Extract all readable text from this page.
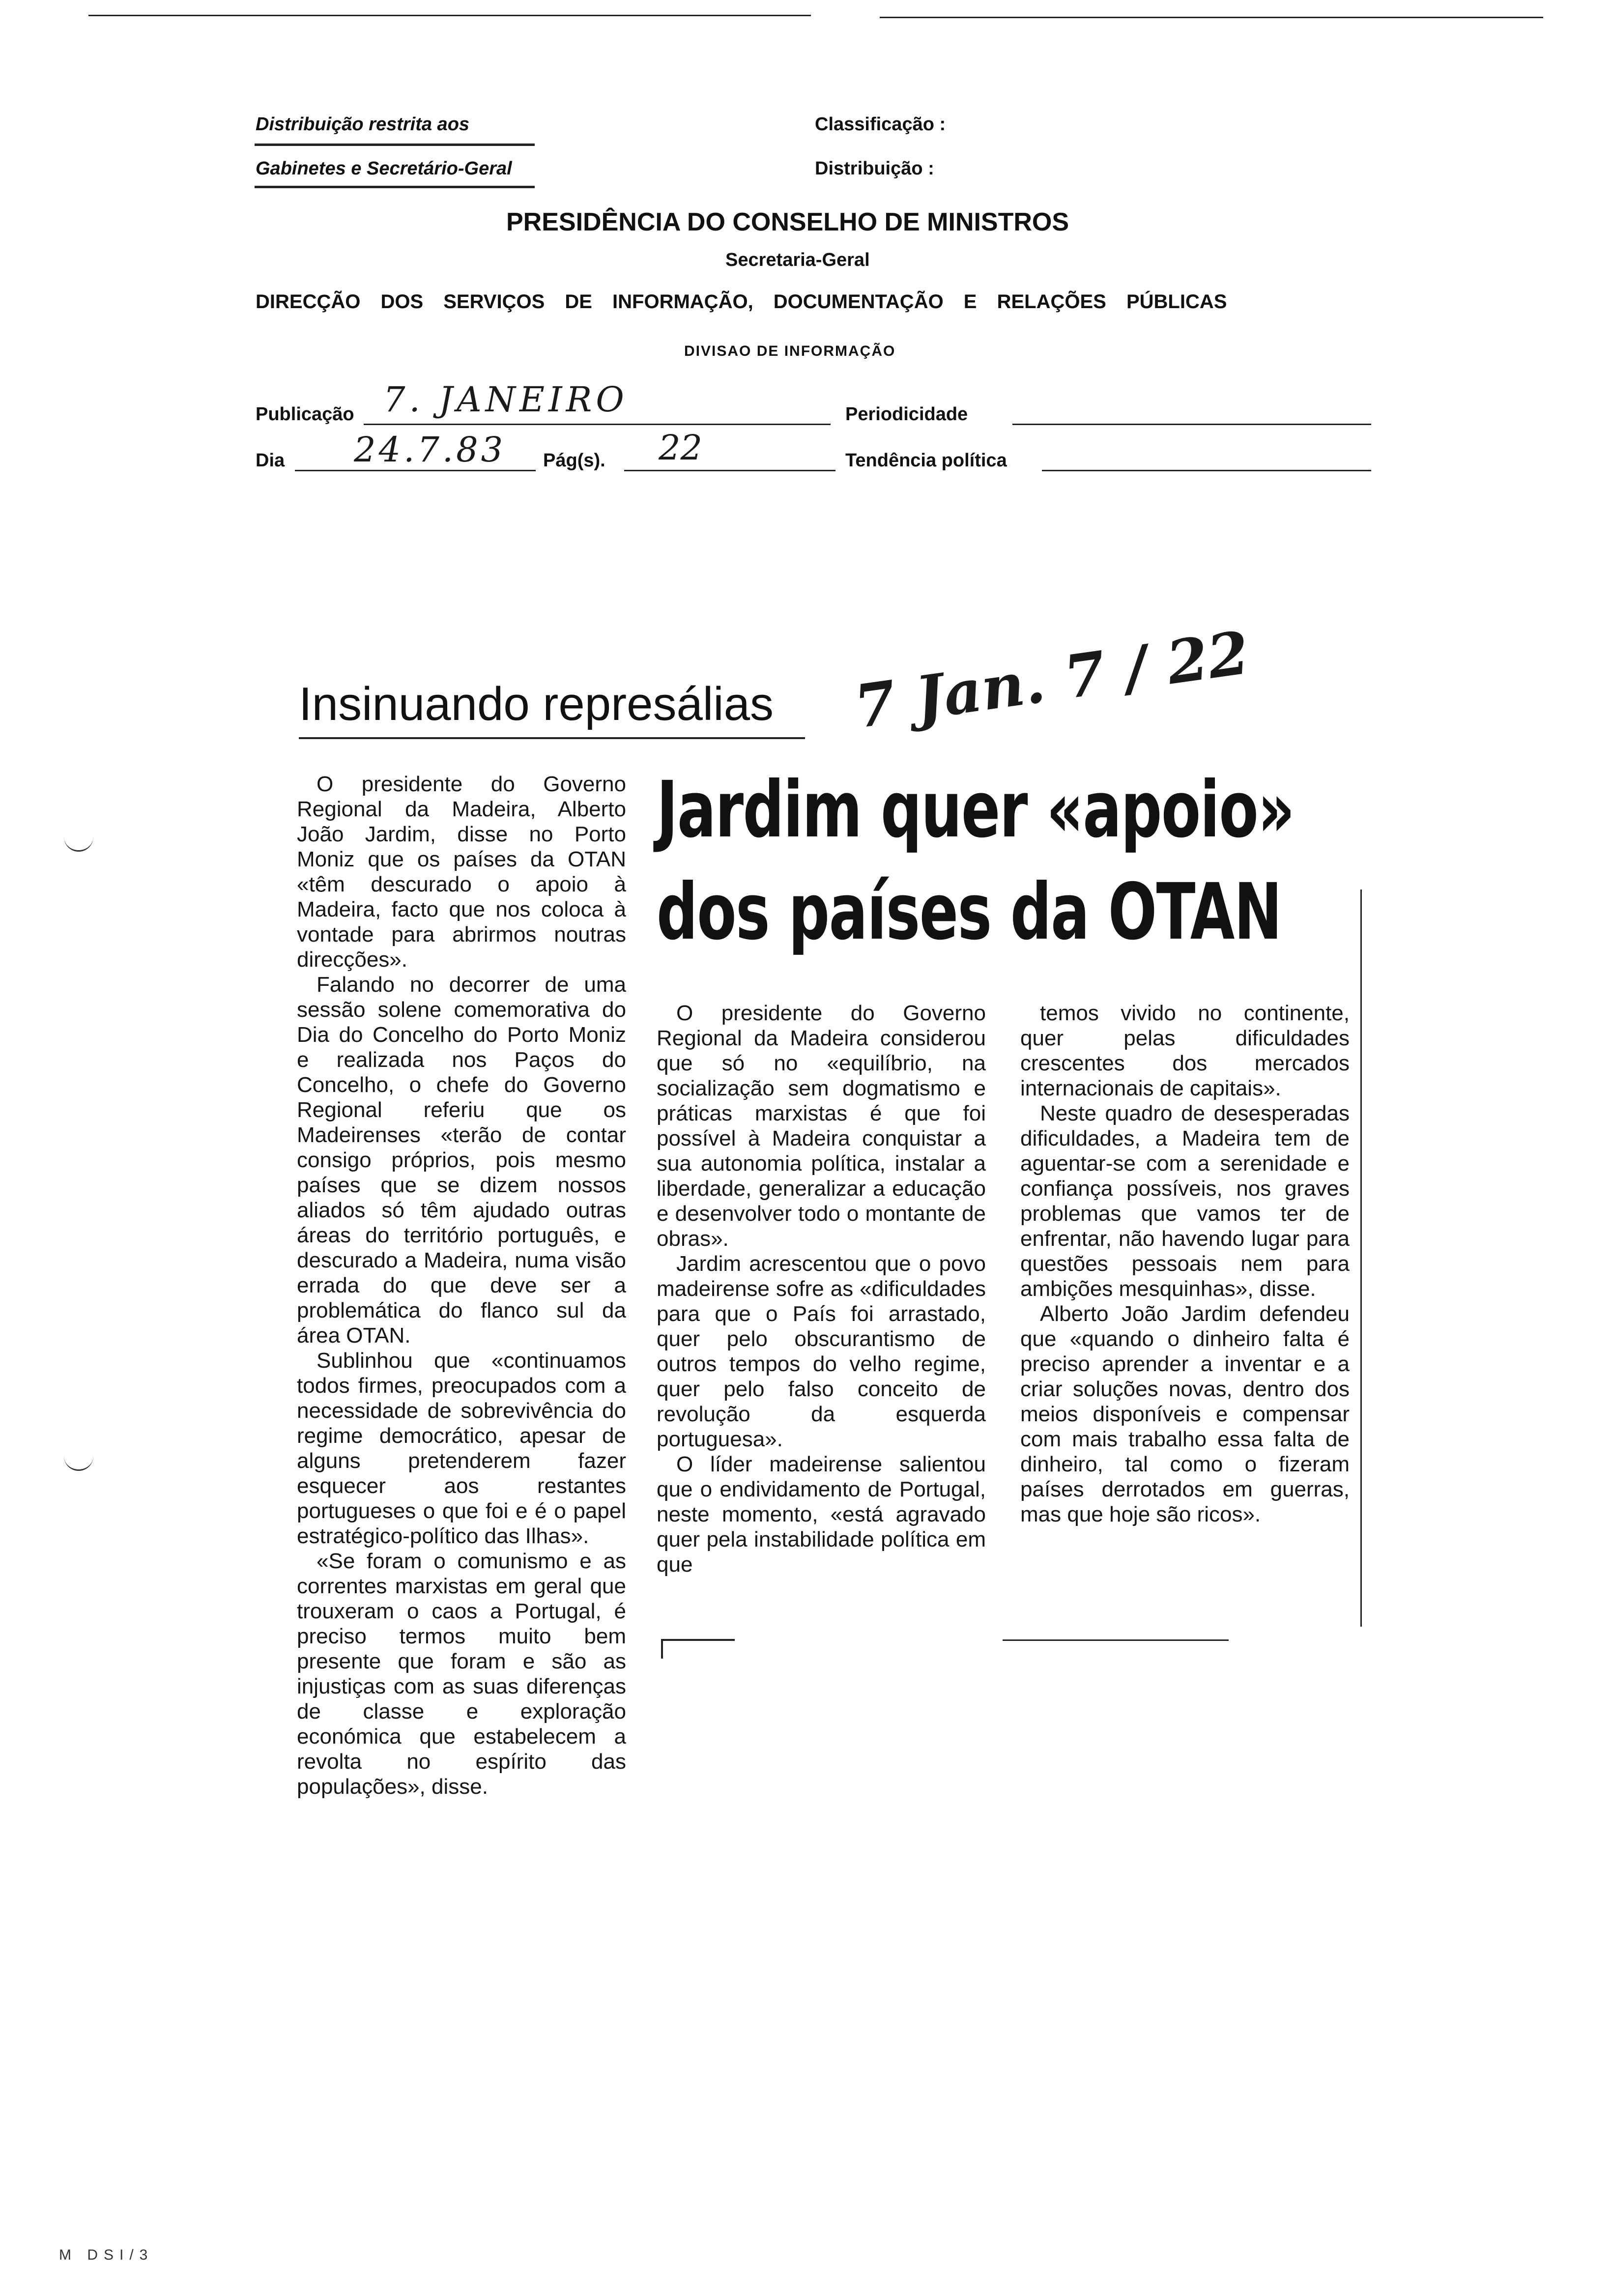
Distribuição restrita aos
Gabinetes e Secretário-Geral
Classificação :
Distribuição :
PRESIDÊNCIA DO CONSELHO DE MINISTROS
Secretaria-Geral
DIRECÇÃO DOS SERVIÇOS DE INFORMAÇÃO, DOCUMENTAÇÃO E RELAÇÕES PÚBLICAS
DIVISAO DE INFORMAÇÃO
Publicação 7. JANEIRO	Periodicidade
Dia 24.7.83 Pág(s). 22	Tendência política
Insinuando represálias 7 Jan. 7 / 22
Jardim quer «apoio»
dos países da OTAN

O presidente do Governo Regional da Madeira, Alberto João Jardim, disse no Porto Moniz que os países da OTAN «têm descurado o apoio à Madeira, facto que nos coloca à vontade para abrirmos noutras direcções».

Falando no decorrer de uma sessão solene comemorativa do Dia do Concelho do Porto Moniz e realizada nos Paços do Concelho, o chefe do Governo Regional referiu que os Madeirenses «terão de contar consigo próprios, pois mesmo países que se dizem nossos aliados só têm ajudado outras áreas do território português, e descurado a Madeira, numa visão errada do que deve ser a problemática do flanco sul da área OTAN.

Sublinhou que «continuamos todos firmes, preocupados com a necessidade de sobrevivência do regime democrático, apesar de alguns pretenderem fazer esquecer aos restantes portugueses o que foi e é o papel estratégico-político das Ilhas».

«Se foram o comunismo e as correntes marxistas em geral que trouxeram o caos a Portugal, é preciso termos muito bem presente que foram e são as injustiças com as suas diferenças de classe e exploração económica que estabelecem a revolta no espírito das populações», disse.

O presidente do Governo Regional da Madeira considerou que só no «equilíbrio, na socialização sem dogmatismo e práticas marxistas é que foi possível à Madeira conquistar a sua autonomia política, instalar a liberdade, generalizar a educação e desenvolver todo o montante de obras».

Jardim acrescentou que o povo madeirense sofre as «dificuldades para que o País foi arrastado, quer pelo obscurantismo de outros tempos do velho regime, quer pelo falso conceito de revolução da esquerda portuguesa».

O líder madeirense salientou que o endividamento de Portugal, neste momento, «está agravado quer pela instabilidade política em que

temos vivido no continente, quer pelas dificuldades crescentes dos mercados internacionais de capitais».

Neste quadro de desesperadas dificuldades, a Madeira tem de aguentar-se com a serenidade e confiança possíveis, nos graves problemas que vamos ter de enfrentar, não havendo lugar para questões pessoais nem para ambições mesquinhas», disse.

Alberto João Jardim defendeu que «quando o dinheiro falta é preciso aprender a inventar e a criar soluções novas, dentro dos meios disponíveis e compensar com mais trabalho essa falta de dinheiro, tal como o fizeram países derrotados em guerras, mas que hoje são ricos».

M DSI/3
